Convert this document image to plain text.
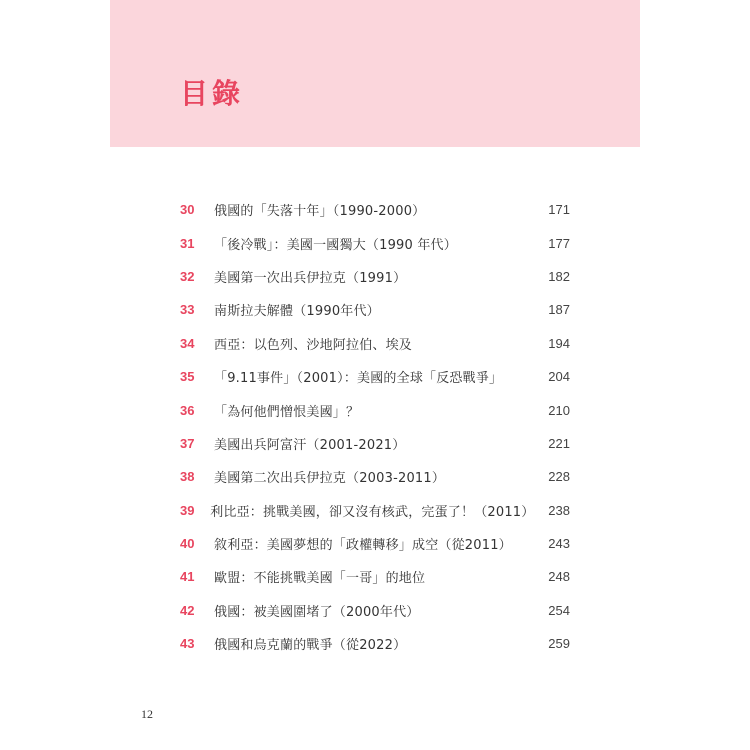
目錄
30	俄國的「失落十年」（1990-2000）	171
31	「後冷戰」：美國一國獨大（1990 年代）	177
32	美國第一次出兵伊拉克（1991）	182
33	南斯拉夫解體（1990年代）	187
34	西亞：以色列、沙地阿拉伯、埃及	194
35	「9.11事件」（2001）：美國的全球「反恐戰爭」	204
36	「為何他們憎恨美國」？	210
37	美國出兵阿富汗（2001-2021）	221
38	美國第二次出兵伊拉克（2003-2011）	228
39	利比亞：挑戰美國，卻又沒有核武，完蛋了！（2011）	238
40	敘利亞：美國夢想的「政權轉移」成空（從2011）	243
41	歐盟：不能挑戰美國「一哥」的地位	248
42	俄國：被美國圍堵了（2000年代）	254
43	俄國和烏克蘭的戰爭（從2022）	259
12
